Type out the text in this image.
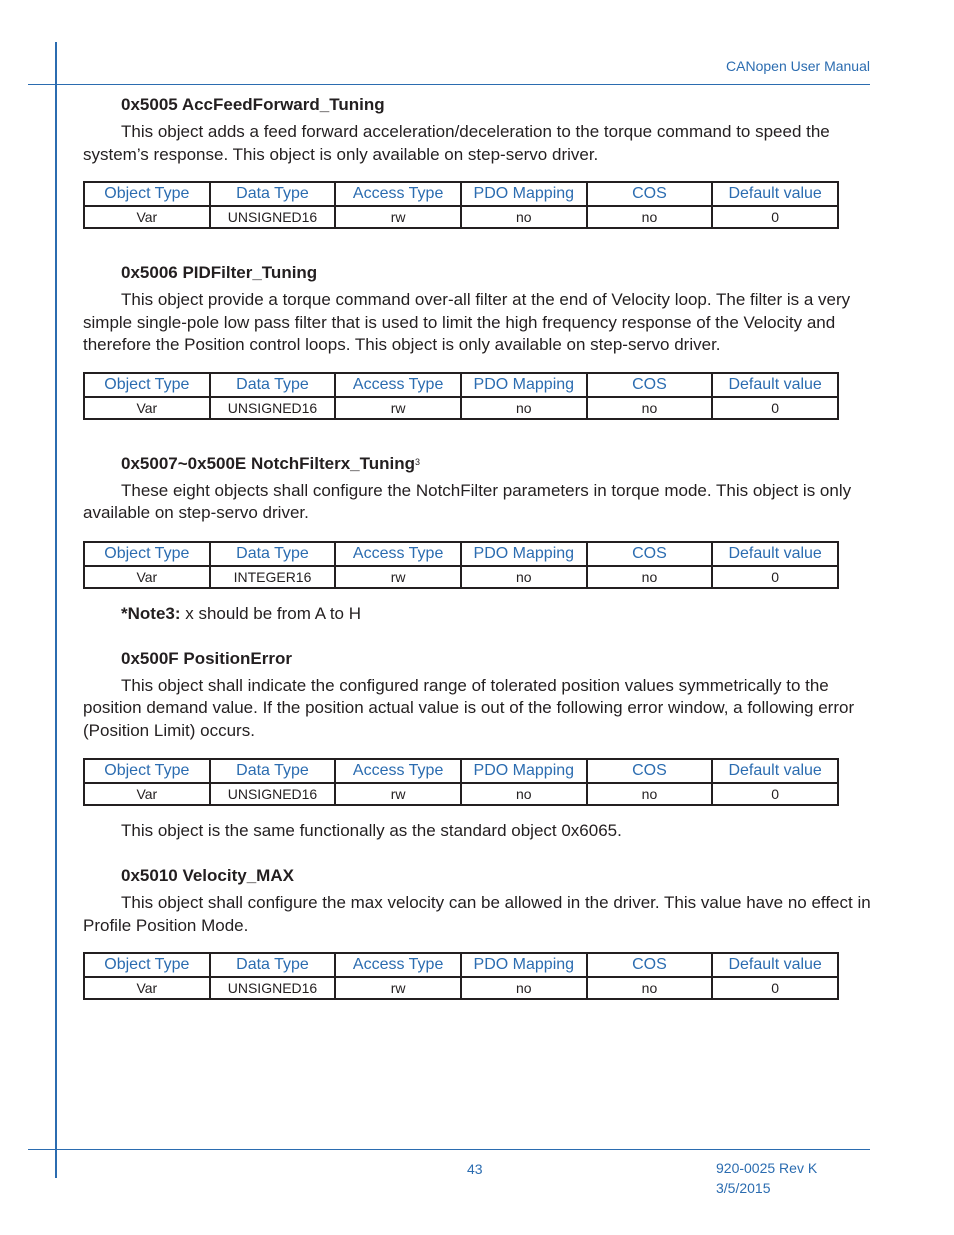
CANopen User Manual
0x5005 AccFeedForward_Tuning

This object adds a feed forward acceleration/deceleration to the torque command to speed the system’s response. This object is only available on step-servo driver.

Object Type	Data Type	Access Type	PDO Mapping	COS	Default value
Var	UNSIGNED16	rw	no	no	0
0x5006 PIDFilter_Tuning

This object provide a torque command over-all filter at the end of Velocity loop. The filter is a very simple single-pole low pass filter that is used to limit the high frequency response of the Velocity and therefore the Position control loops. This object is only available on step-servo driver.

Object Type	Data Type	Access Type	PDO Mapping	COS	Default value
Var	UNSIGNED16	rw	no	no	0
0x5007~0x500E NotchFilterx_Tuning$^3$

These eight objects shall configure the NotchFilter parameters in torque mode. This object is only available on step-servo driver.

Object Type	Data Type	Access Type	PDO Mapping	COS	Default value
Var	INTEGER16	rw	no	no	0

*Note3: x should be from A to H

0x500F PositionError

This object shall indicate the configured range of tolerated position values symmetrically to the position demand value. If the position actual value is out of the following error window, a following error (Position Limit) occurs.

Object Type	Data Type	Access Type	PDO Mapping	COS	Default value
Var	UNSIGNED16	rw	no	no	0

This object is the same functionally as the standard object 0x6065.

0x5010 Velocity_MAX

This object shall configure the max velocity can be allowed in the driver. This value have no effect in Profile Position Mode.

Object Type	Data Type	Access Type	PDO Mapping	COS	Default value
Var	UNSIGNED16	rw	no	no	0
43	920-0025 Rev K
3/5/2015
